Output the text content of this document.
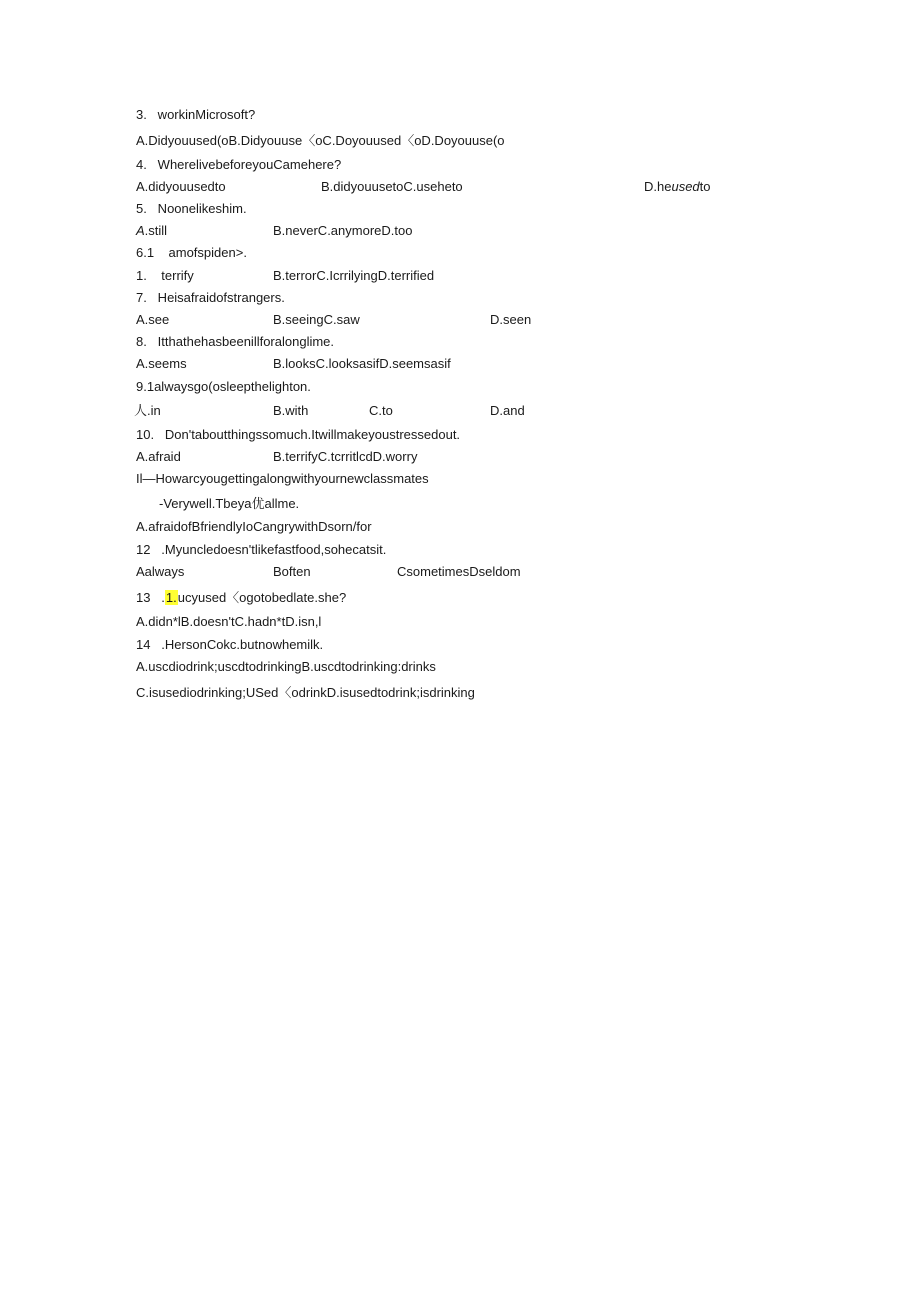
3.   workinMicrosoft?
A.Didyouused(oB.Didyouuse〈oC.Doyouused〈oD.Doyouuse(o
4.   WherelivebeforeyouCamehere?
A.didyouusedto	B.didyouusetoC.useheto	D.heusedto
5.   Noonelikeshim.
A.still	B.neverC.anymoreD.too
6.1    amofspiden>.
1.    terrify	B.terrorC.IcrrilyingD.terrified
7.   Heisafraidofstrangers.
A.see	B.seeingC.saw	D.seen
8.   Itthathehasbeenillforalonglime.
A.seems	B.looksC.looksasifD.seemsasif
9.1alwaysgo(osleepthelighton.
人.in	B.with	C.to	D.and
10.   Don'taboutthingssomuch.Itwillmakeyoustressedout.
A.afraid	B.terrifyC.tcrritlcdD.worry
Il—Howarcyougettingalongwithyournewclassmates
-Verywell.Tbeya优allme.
A.afraidofBfriendlyIoCangrywithDsorn/for
12   .Myuncledoesn'tlikefastfood,sohecatsit.
Aalways	Boften	CsometimesDseldom
13   .1.ucyused〈ogotobedlate.she?
A.didn*lB.doesn'tC.hadn*tD.isn,l
14   .HersonCokc.butnowhemilk.
A.uscdiodrink;uscdtodrinkingB.uscdtodrinking:drinks
C.isusediodrinking;USed〈odrinkD.isusedtodrink;isdrinking
